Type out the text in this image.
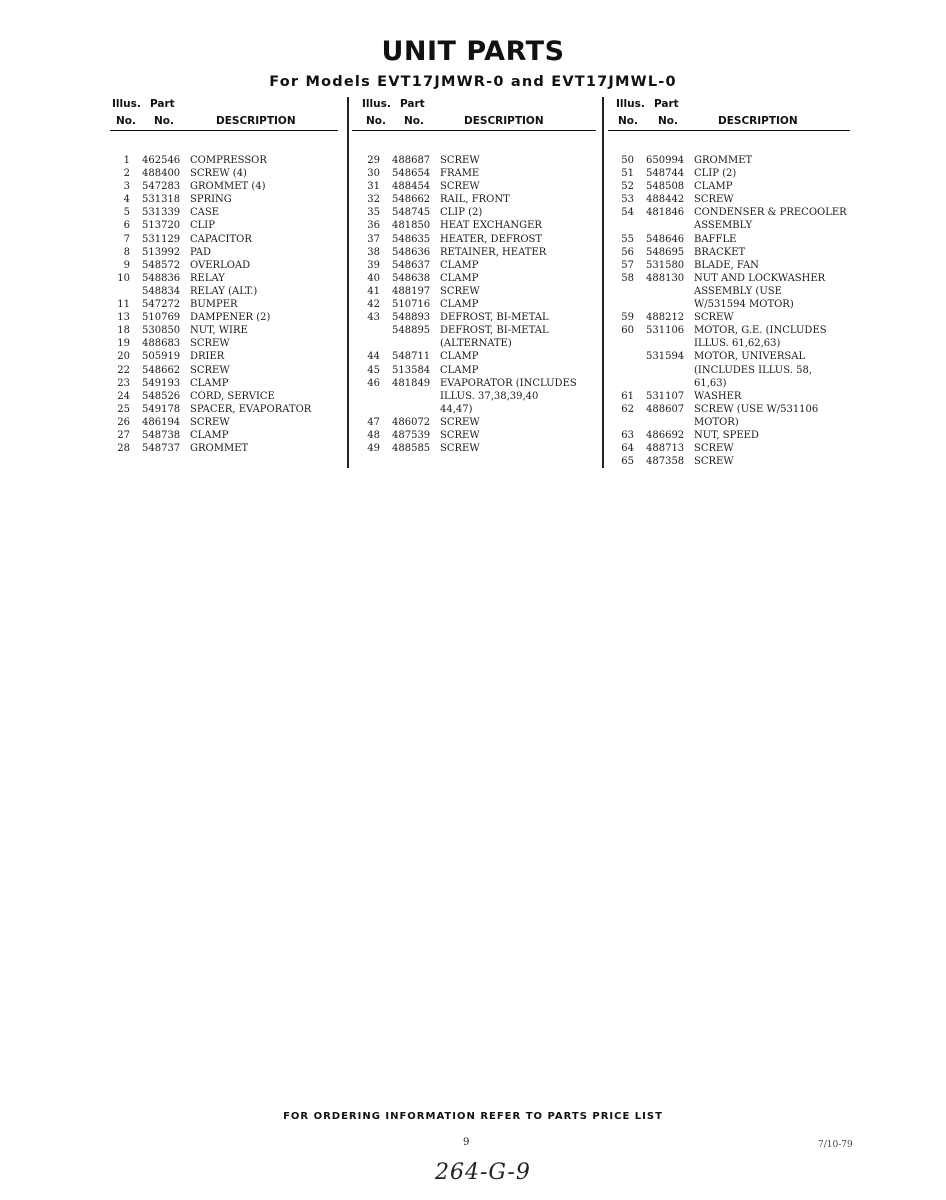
UNIT PARTS
For Models EVT17JMWR-0 and EVT17JMWL-0
Illus. Part
No. No.	DESCRIPTION
1 462546 COMPRESSOR
2 488400 SCREW (4)
3 547283 GROMMET (4)
4 531318 SPRING
5 531339 CASE
6 513720 CLIP
7 531129 CAPACITOR
8 513992 PAD
9 548572 OVERLOAD
10 548836 RELAY
548834 RELAY (ALT.)
11 547272 BUMPER
13 510769 DAMPENER (2)
18 530850 NUT, WIRE
19 488683 SCREW
20 505919 DRIER
22 548662 SCREW
23 549193 CLAMP
24 548526 CORD, SERVICE
25 549178 SPACER, EVAPORATOR
26 486194 SCREW
27 548738 CLAMP
28 548737 GROMMET
Illus. Part
No. No.	DESCRIPTION
29 488687 SCREW
30 548654 FRAME
31 488454 SCREW
32 548662 RAIL, FRONT
35 548745 CLIP (2)
36 481850 HEAT EXCHANGER
37 548635 HEATER, DEFROST
38 548636 RETAINER, HEATER
39 548637 CLAMP
40 548638 CLAMP
41 488197 SCREW
42 510716 CLAMP
43 548893 DEFROST, BI-METAL
548895 DEFROST, BI-METAL
(ALTERNATE)
44 548711 CLAMP
45 513584 CLAMP
46 481849 EVAPORATOR (INCLUDES
ILLUS. 37,38,39,40
44,47)
47 486072 SCREW
48 487539 SCREW
49 488585 SCREW
Illus. Part
No. No.	DESCRIPTION
50 650994 GROMMET
51 548744 CLIP (2)
52 548508 CLAMP
53 488442 SCREW
54 481846 CONDENSER & PRECOOLER
ASSEMBLY
55 548646 BAFFLE
56 548695 BRACKET
57 531580 BLADE, FAN
58 488130 NUT AND LOCKWASHER
ASSEMBLY (USE
W/531594 MOTOR)
59 488212 SCREW
60 531106 MOTOR, G.E. (INCLUDES
ILLUS. 61,62,63)
531594 MOTOR, UNIVERSAL
(INCLUDES ILLUS. 58,
61,63)
61 531107 WASHER
62 488607 SCREW (USE W/531106
MOTOR)
63 486692 NUT, SPEED
64 488713 SCREW
65 487358 SCREW
FOR ORDERING INFORMATION REFER TO PARTS PRICE LIST
9	7/10-79
264-G-9
